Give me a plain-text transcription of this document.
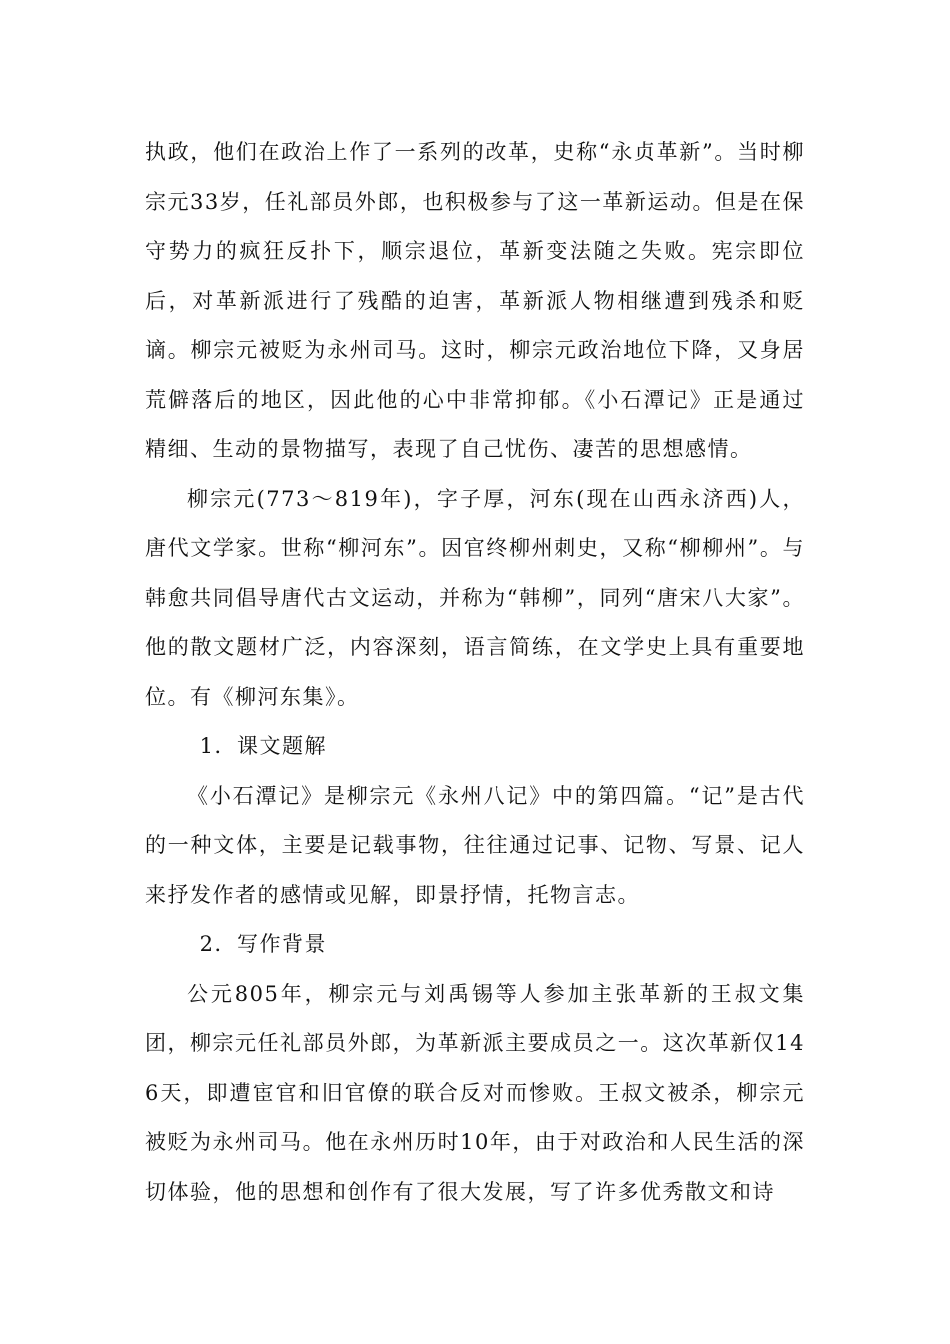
执政，他们在政治上作了一系列的改革，史称“永贞革新”。当时柳宗元33岁，任礼部员外郎，也积极参与了这一革新运动。但是在保守势力的疯狂反扑下，顺宗退位，革新变法随之失败。宪宗即位后，对革新派进行了残酷的迫害，革新派人物相继遭到残杀和贬谪。柳宗元被贬为永州司马。这时，柳宗元政治地位下降，又身居荒僻落后的地区，因此他的心中非常抑郁。《小石潭记》正是通过精细、生动的景物描写，表现了自己忧伤、凄苦的思想感情。

柳宗元(773～819年)，字子厚，河东(现在山西永济西)人，唐代文学家。世称“柳河东”。因官终柳州刺史，又称“柳柳州”。与韩愈共同倡导唐代古文运动，并称为“韩柳”，同列“唐宋八大家”。他的散文题材广泛，内容深刻，语言简练，在文学史上具有重要地位。有《柳河东集》。

1．课文题解

《小石潭记》是柳宗元《永州八记》中的第四篇。“记”是古代的一种文体，主要是记载事物，往往通过记事、记物、写景、记人来抒发作者的感情或见解，即景抒情，托物言志。

2．写作背景

公元805年，柳宗元与刘禹锡等人参加主张革新的王叔文集团，柳宗元任礼部员外郎，为革新派主要成员之一。这次革新仅146天，即遭宦官和旧官僚的联合反对而惨败。王叔文被杀，柳宗元被贬为永州司马。他在永州历时10年，由于对政治和人民生活的深切体验，他的思想和创作有了很大发展，写了许多优秀散文和诗
